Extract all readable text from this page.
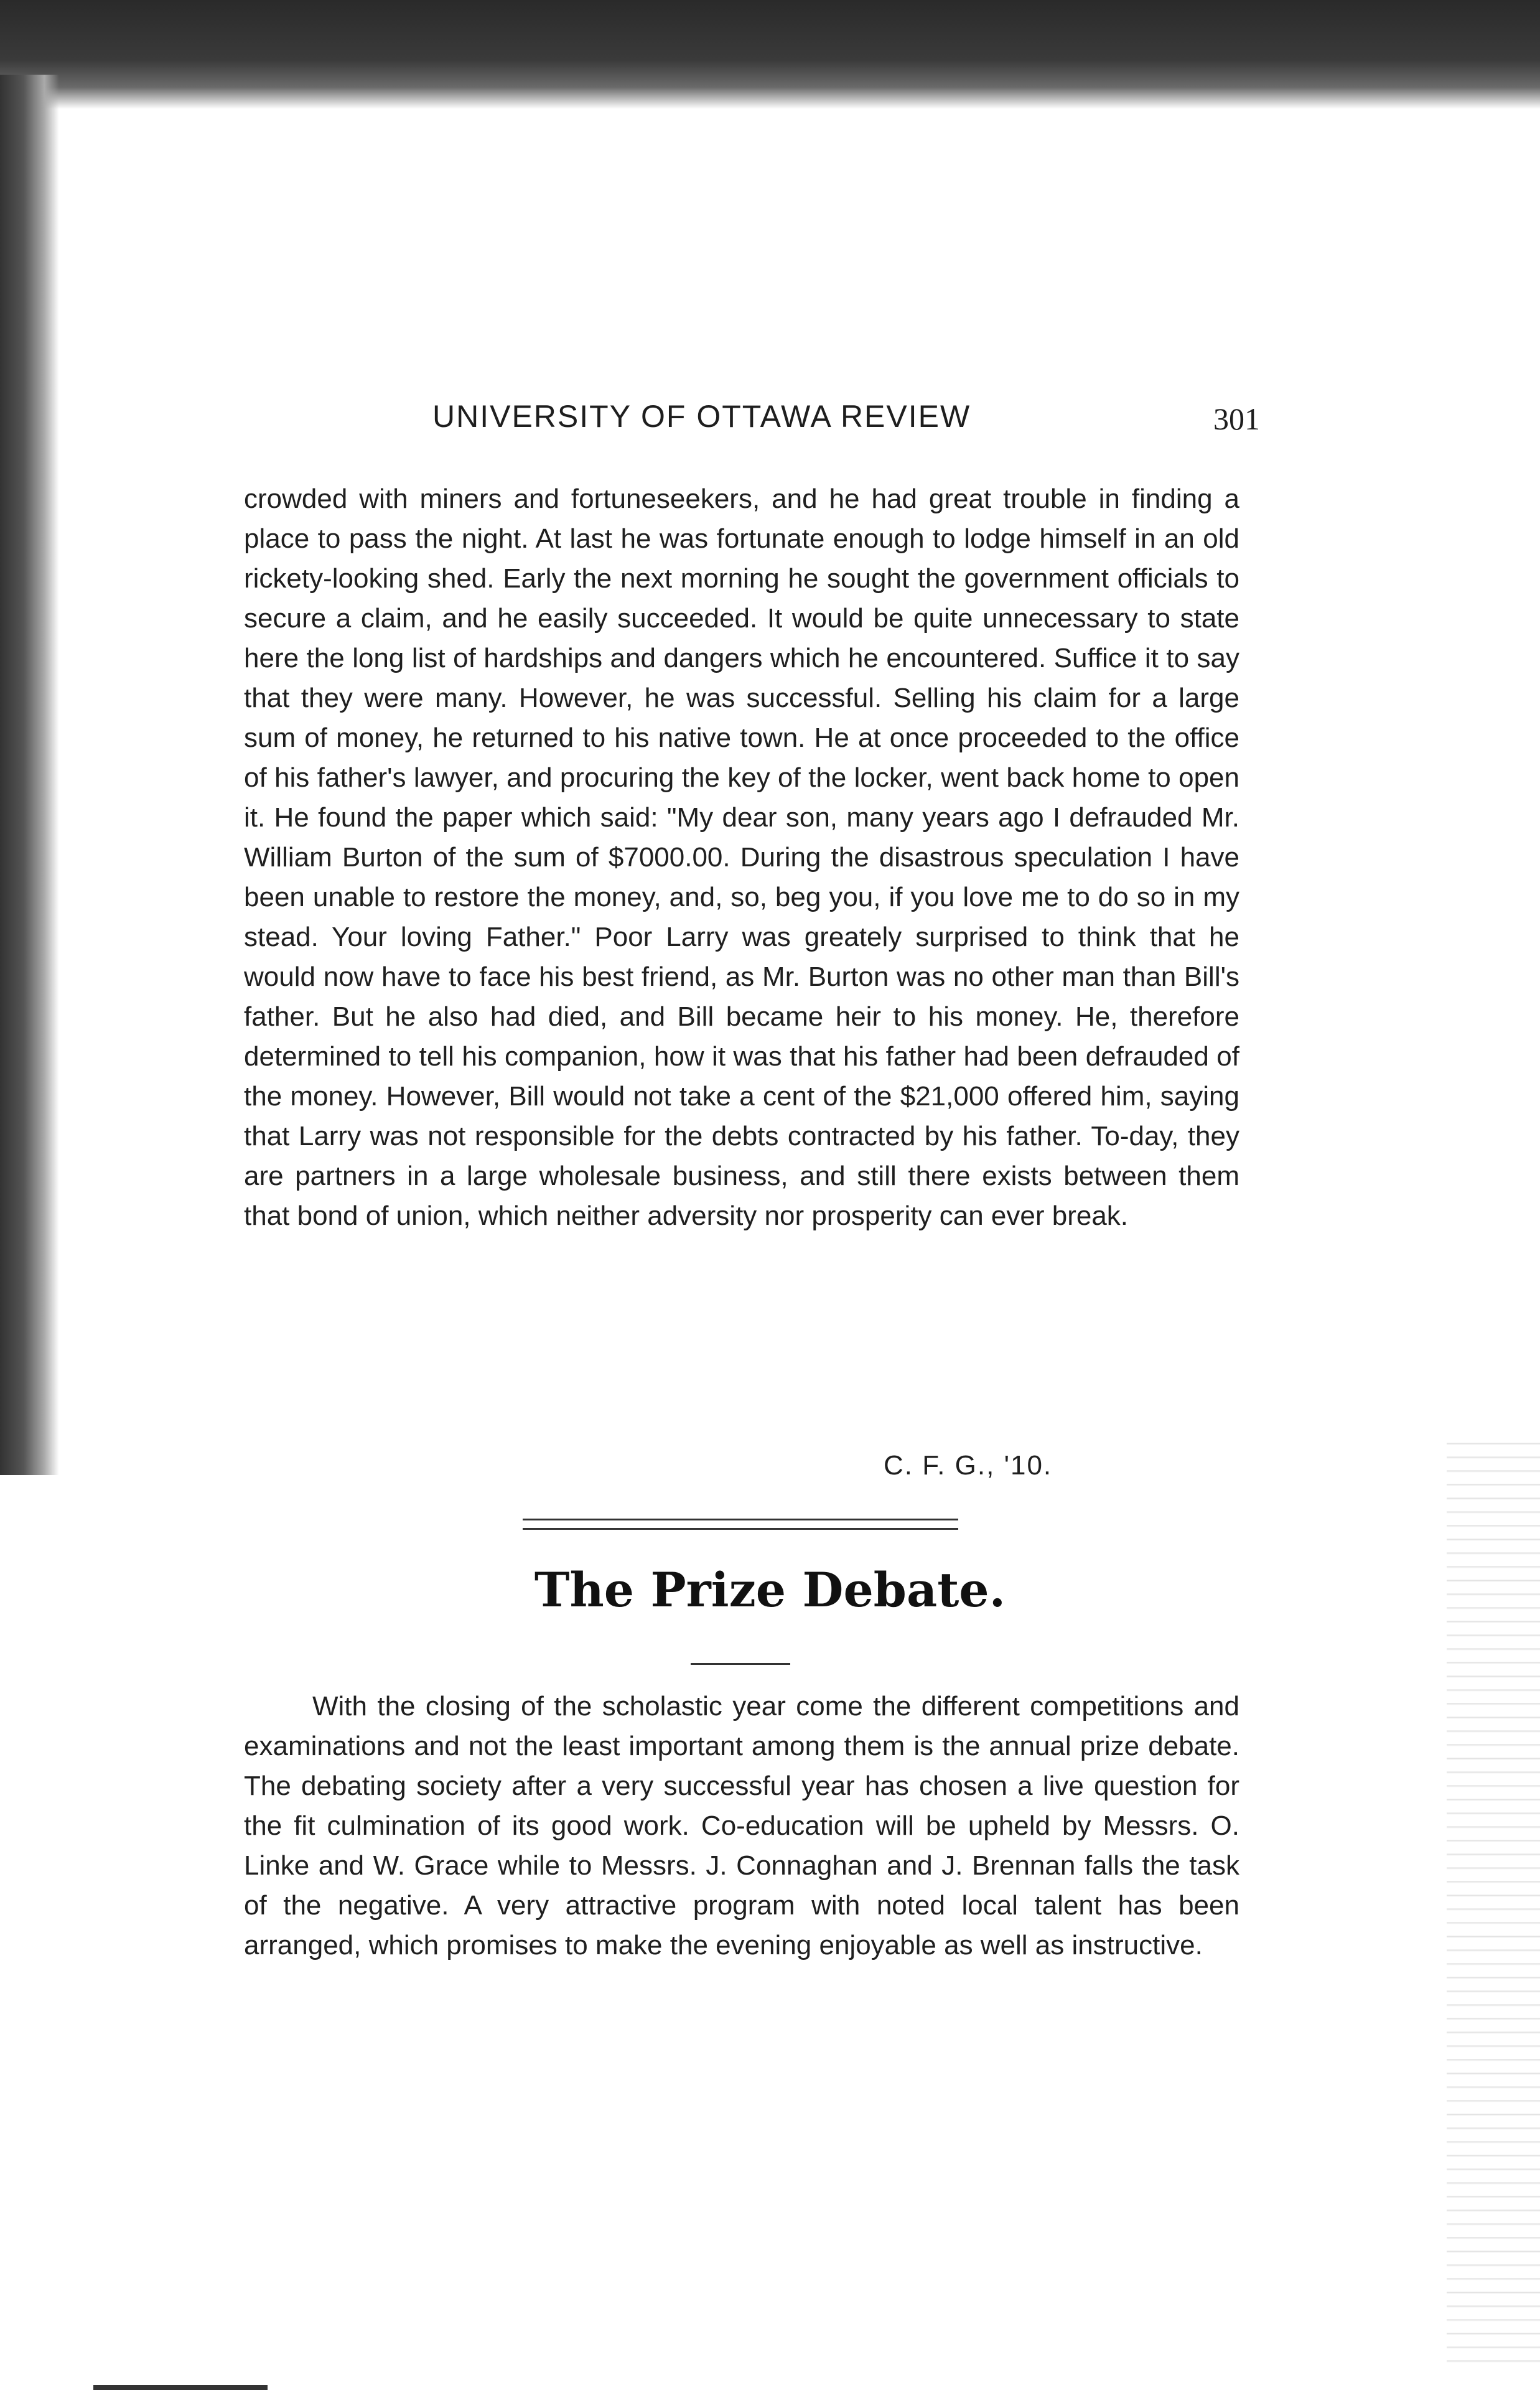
UNIVERSITY OF OTTAWA REVIEW	301

crowded with miners and fortuneseekers, and he had great trouble in finding a place to pass the night. At last he was fortunate enough to lodge himself in an old rickety-looking shed. Early the next morning he sought the government officials to secure a claim, and he easily succeeded. It would be quite unnecessary to state here the long list of hardships and dangers which he encountered. Suffice it to say that they were many. However, he was successful. Selling his claim for a large sum of money, he returned to his native town. He at once proceeded to the office of his father's lawyer, and procuring the key of the locker, went back home to open it. He found the paper which said: "My dear son, many years ago I defrauded Mr. William Burton of the sum of $7000.00. During the disastrous speculation I have been unable to restore the money, and, so, beg you, if you love me to do so in my stead. Your loving Father." Poor Larry was greately surprised to think that he would now have to face his best friend, as Mr. Burton was no other man than Bill's father. But he also had died, and Bill became heir to his money. He, therefore determined to tell his companion, how it was that his father had been defrauded of the money. However, Bill would not take a cent of the $21,000 offered him, saying that Larry was not responsible for the debts contracted by his father. To-day, they are partners in a large wholesale business, and still there exists between them that bond of union, which neither adversity nor prosperity can ever break.

C. F. G., '10.
The Prize Debate.

With the closing of the scholastic year come the different competitions and examinations and not the least important among them is the annual prize debate. The debating society after a very successful year has chosen a live question for the fit culmination of its good work. Co-education will be upheld by Messrs. O. Linke and W. Grace while to Messrs. J. Connaghan and J. Brennan falls the task of the negative. A very attractive program with noted local talent has been arranged, which promises to make the evening enjoyable as well as instructive.
